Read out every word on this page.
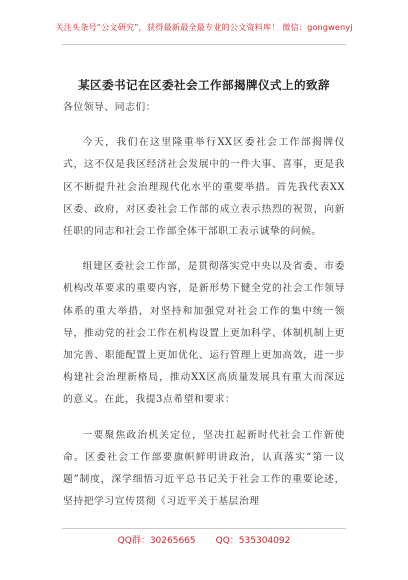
关注头条号“公文研究”，获得最新最全最专业的公文资料库！ 微信：gongwenyj
某区委书记在区委社会工作部揭牌仪式上的致辞

各位领导、同志们：

今天，我们在这里隆重举行XX区委社会工作部揭牌仪式，这不仅是我区经济社会发展中的一件大事、喜事，更是我区不断提升社会治理现代化水平的重要举措。首先我代表XX区委、政府，对区委社会工作部的成立表示热烈的祝贺，向新任职的同志和社会工作部全体干部职工表示诚挚的问候。

组建区委社会工作部，是贯彻落实党中央以及省委、市委机构改革要求的重要内容，是新形势下健全党的社会工作领导体系的重大举措，对坚持和加强党对社会工作的集中统一领导，推动党的社会工作在机构设置上更加科学、体制机制上更加完善、职能配置上更加优化、运行管理上更加高效，进一步构建社会治理新格局，推动XX区高质量发展具有重大而深远的意义。在此，我提3点希望和要求：

一要聚焦政治机关定位，坚决扛起新时代社会工作新使命。区委社会工作部要旗帜鲜明讲政治，认真落实“第一议题”制度，深学细悟习近平总书记关于社会工作的重要论述，坚持把学习宣传贯彻《习近平关于基层治理

QQ群：30265665 QQ：535304092
